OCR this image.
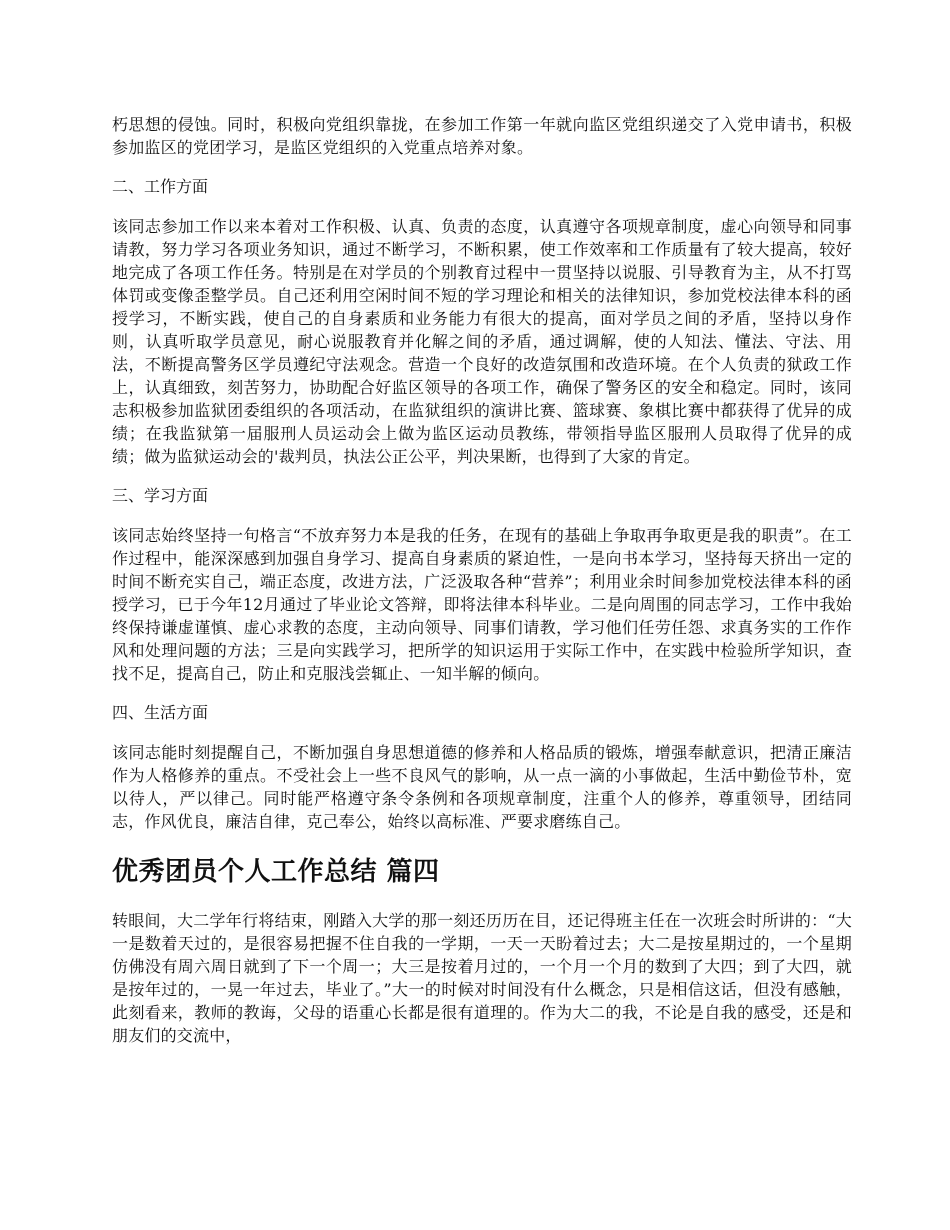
朽思想的侵蚀。同时，积极向党组织靠拢，在参加工作第一年就向监区党组织递交了入党申请书，积极参加监区的党团学习，是监区党组织的入党重点培养对象。

二、工作方面

该同志参加工作以来本着对工作积极、认真、负责的态度，认真遵守各项规章制度，虚心向领导和同事请教，努力学习各项业务知识，通过不断学习，不断积累，使工作效率和工作质量有了较大提高，较好地完成了各项工作任务。特别是在对学员的个别教育过程中一贯坚持以说服、引导教育为主，从不打骂体罚或变像歪整学员。自己还利用空闲时间不短的学习理论和相关的法律知识，参加党校法律本科的函授学习，不断实践，使自己的自身素质和业务能力有很大的提高，面对学员之间的矛盾，坚持以身作则，认真听取学员意见，耐心说服教育并化解之间的矛盾，通过调解，使的人知法、懂法、守法、用法，不断提高警务区学员遵纪守法观念。营造一个良好的改造氛围和改造环境。在个人负责的狱政工作上，认真细致，刻苦努力，协助配合好监区领导的各项工作，确保了警务区的安全和稳定。同时，该同志积极参加监狱团委组织的各项活动，在监狱组织的演讲比赛、篮球赛、象棋比赛中都获得了优异的成绩；在我监狱第一届服刑人员运动会上做为监区运动员教练，带领指导监区服刑人员取得了优异的成绩；做为监狱运动会的'裁判员，执法公正公平，判决果断，也得到了大家的肯定。

三、学习方面

该同志始终坚持一句格言“不放弃努力本是我的任务，在现有的基础上争取再争取更是我的职责”。在工作过程中，能深深感到加强自身学习、提高自身素质的紧迫性，一是向书本学习，坚持每天挤出一定的时间不断充实自己，端正态度，改进方法，广泛汲取各种“营养”；利用业余时间参加党校法律本科的函授学习，已于今年12月通过了毕业论文答辩，即将法律本科毕业。二是向周围的同志学习，工作中我始终保持谦虚谨慎、虚心求教的态度，主动向领导、同事们请教，学习他们任劳任怨、求真务实的工作作风和处理问题的方法；三是向实践学习，把所学的知识运用于实际工作中，在实践中检验所学知识，查找不足，提高自己，防止和克服浅尝辄止、一知半解的倾向。

四、生活方面

该同志能时刻提醒自己，不断加强自身思想道德的修养和人格品质的锻炼，增强奉献意识，把清正廉洁作为人格修养的重点。不受社会上一些不良风气的影响，从一点一滴的小事做起，生活中勤俭节朴，宽以待人，严以律己。同时能严格遵守条令条例和各项规章制度，注重个人的修养，尊重领导，团结同志，作风优良，廉洁自律，克己奉公，始终以高标准、严要求磨练自己。

优秀团员个人工作总结 篇四

转眼间，大二学年行将结束，刚踏入大学的那一刻还历历在目，还记得班主任在一次班会时所讲的：“大一是数着天过的，是很容易把握不住自我的一学期，一天一天盼着过去；大二是按星期过的，一个星期仿佛没有周六周日就到了下一个周一；大三是按着月过的，一个月一个月的数到了大四；到了大四，就是按年过的，一晃一年过去，毕业了。”大一的时候对时间没有什么概念，只是相信这话，但没有感触，此刻看来，教师的教诲，父母的语重心长都是很有道理的。作为大二的我，不论是自我的感受，还是和朋友们的交流中，
